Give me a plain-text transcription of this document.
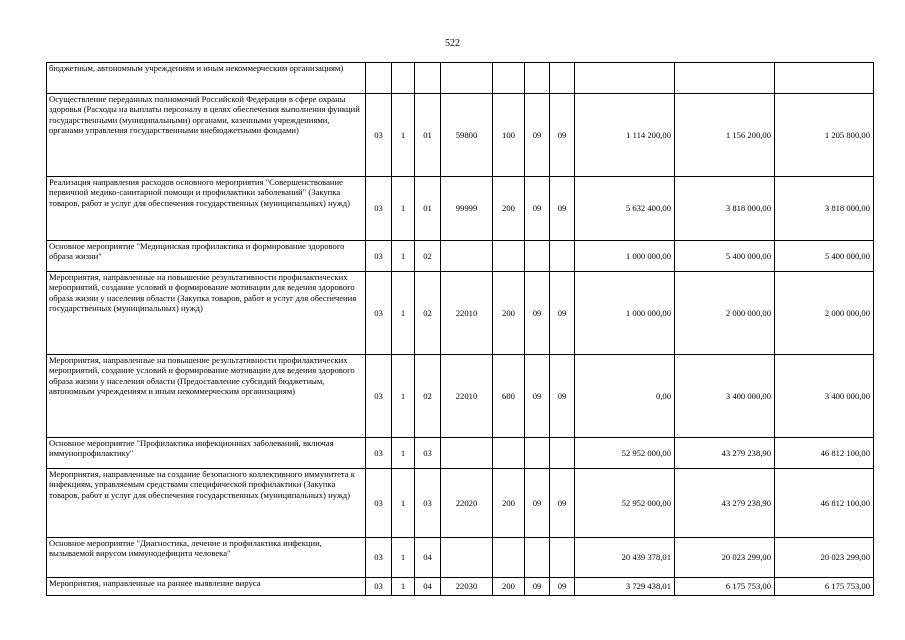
522
бюджетным, автономным учреждениям и иным некоммерческим организациям)										
Осуществление переданных полномочий Российской Федерации в сфере охраны здоровья (Расходы на выплаты персоналу в целях обеспечения выполнения функций государственными (муниципальными) органами, казенными учреждениями, органами управления государственными внебюджетными фондами)	03	1	01	59800	100	09	09	1 114 200,00	1 156 200,00	1 205 800,00
Реализация направления расходов основного мероприятия "Совершенствование первичной медико-санитарной помощи и профилактики заболеваний" (Закупка товаров, работ и услуг для обеспечения государственных (муниципальных) нужд)	03	1	01	99999	200	09	09	5 632 400,00	3 818 000,00	3 818 000,00
Основное мероприятие "Медицинская профилактика и формирование здорового образа жизни"	03	1	02					1 000 000,00	5 400 000,00	5 400 000,00
Мероприятия, направленные на повышение результативности профилактических мероприятий, создание условий и формирование мотивации для ведения здорового образа жизни у населения области (Закупка товаров, работ и услуг для обеспечения государственных (муниципальных) нужд)	03	1	02	22010	200	09	09	1 000 000,00	2 000 000,00	2 000 000,00
Мероприятия, направленные на повышение результативности профилактических мероприятий, создание условий и формирование мотивации для ведения здорового образа жизни у населения области (Предоставление субсидий бюджетным, автономным учреждениям и иным некоммерческим организациям)	03	1	02	22010	600	09	09	0,00	3 400 000,00	3 400 000,00
Основное мероприятие "Профилактика инфекционных заболеваний, включая иммунопрофилактику"	03	1	03					52 952 000,00	43 279 238,90	46 812 100,00
Мероприятия, направленные на создание безопасного коллективного иммунитета к инфекциям, управляемым средствами специфической профилактики (Закупка товаров, работ и услуг для обеспечения государственных (муниципальных) нужд)	03	1	03	22020	200	09	09	52 952 000,00	43 279 238,90	46 812 100,00
Основное мероприятие "Диагностика, лечение и профилактика инфекции, вызываемой вирусом иммунодефицита человека"	03	1	04					20 439 378,01	20 023 299,00	20 023 299,00
Мероприятия, направленные на раннее выявление вируса	03	1	04	22030	200	09	09	3 729 438,01	6 175 753,00	6 175 753,00
